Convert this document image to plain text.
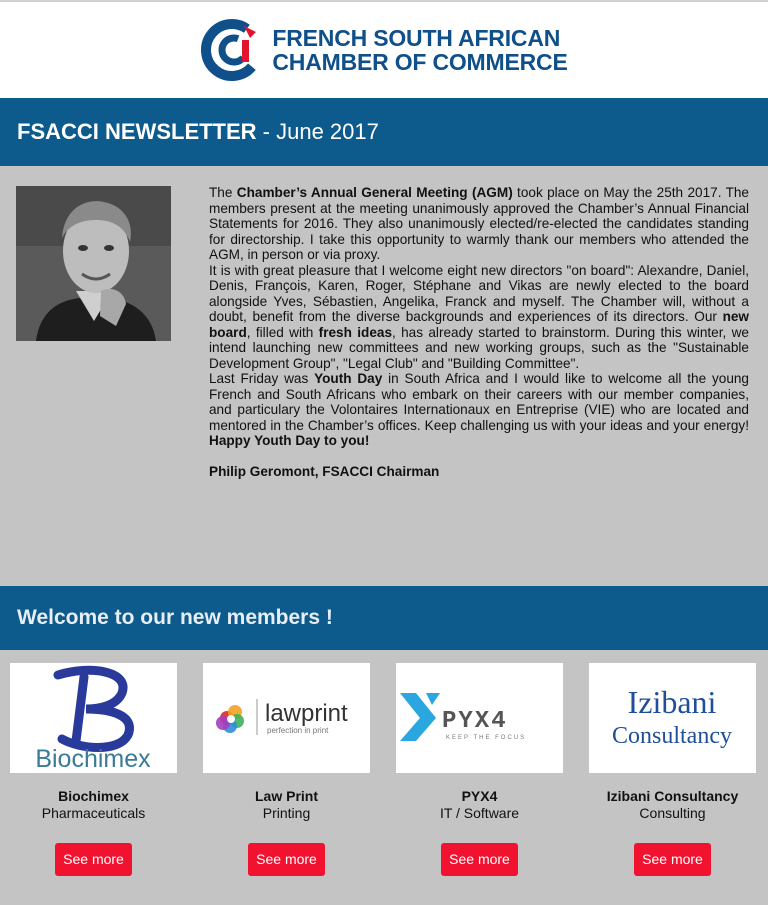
FRENCH SOUTH AFRICAN
CHAMBER OF COMMERCE
FSACCI NEWSLETTER - June 2017

The Chamber’s Annual General Meeting (AGM) took place on May the 25th 2017. The members present at the meeting unanimously approved the Chamber’s Annual Financial Statements for 2016. They also unanimously elected/re-elected the candidates standing for directorship. I take this opportunity to warmly thank our members who attended the AGM, in person or via proxy.

It is with great pleasure that I welcome eight new directors "on board": Alexandre, Daniel, Denis, François, Karen, Roger, Stéphane and Vikas are newly elected to the board alongside Yves, Sébastien, Angelika, Franck and myself. The Chamber will, without a doubt, benefit from the diverse backgrounds and experiences of its directors. Our new board, filled with fresh ideas, has already started to brainstorm. During this winter, we intend launching new committees and new working groups, such as the "Sustainable Development Group", "Legal Club" and "Building Committee".

Last Friday was Youth Day in South Africa and I would like to welcome all the young French and South Africans who embark on their careers with our member companies, and particulary the Volontaires Internationaux en Entreprise (VIE) who are located and mentored in the Chamber’s offices. Keep challenging us with your ideas and your energy! Happy Youth Day to you!

Philip Geromont, FSACCI Chairman

Welcome to our new members !
Biochimex
Biochimex
Pharmaceuticals
See more
lawprint
perfection in print
Law Print
Printing
See more
PYX4
KEEP THE FOCUS
PYX4
IT / Software
See more
Izibani
Consultancy
Izibani Consultancy
Consulting
See more
